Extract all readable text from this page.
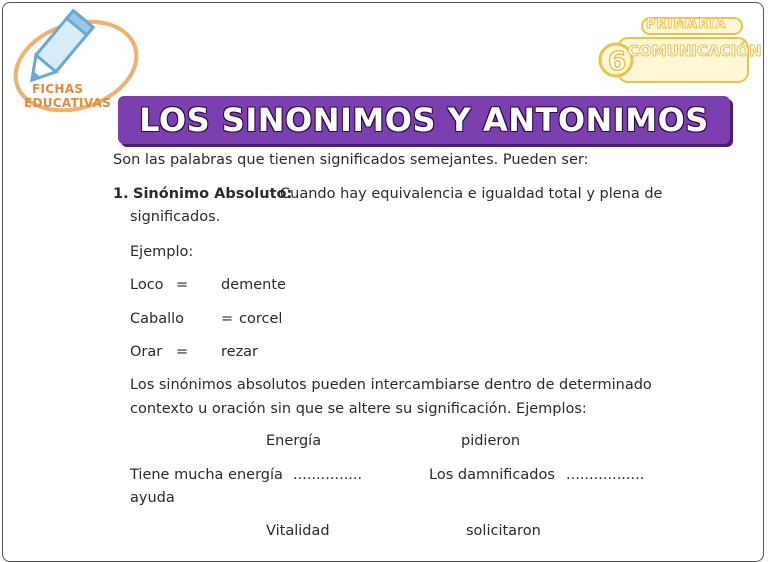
FICHAS
EDUCATIVAS
6
PRIMARIA
COMUNICACIÓN
LOS SINONIMOS Y ANTONIMOS
Son las palabras que tienen significados semejantes. Pueden ser:
1. Sinónimo Absoluto:
Cuando hay equivalencia e igualdad total y plena de
significados.
Ejemplo:
Loco = demente
Caballo	= corcel
Orar = rezar
Los sinónimos absolutos pueden intercambiarse dentro de determinado
contexto u oración sin que se altere su significación. Ejemplos:
Energía	pidieron
Tiene mucha energía ...............	Los damnificados .................
ayuda
Vitalidad	solicitaron
